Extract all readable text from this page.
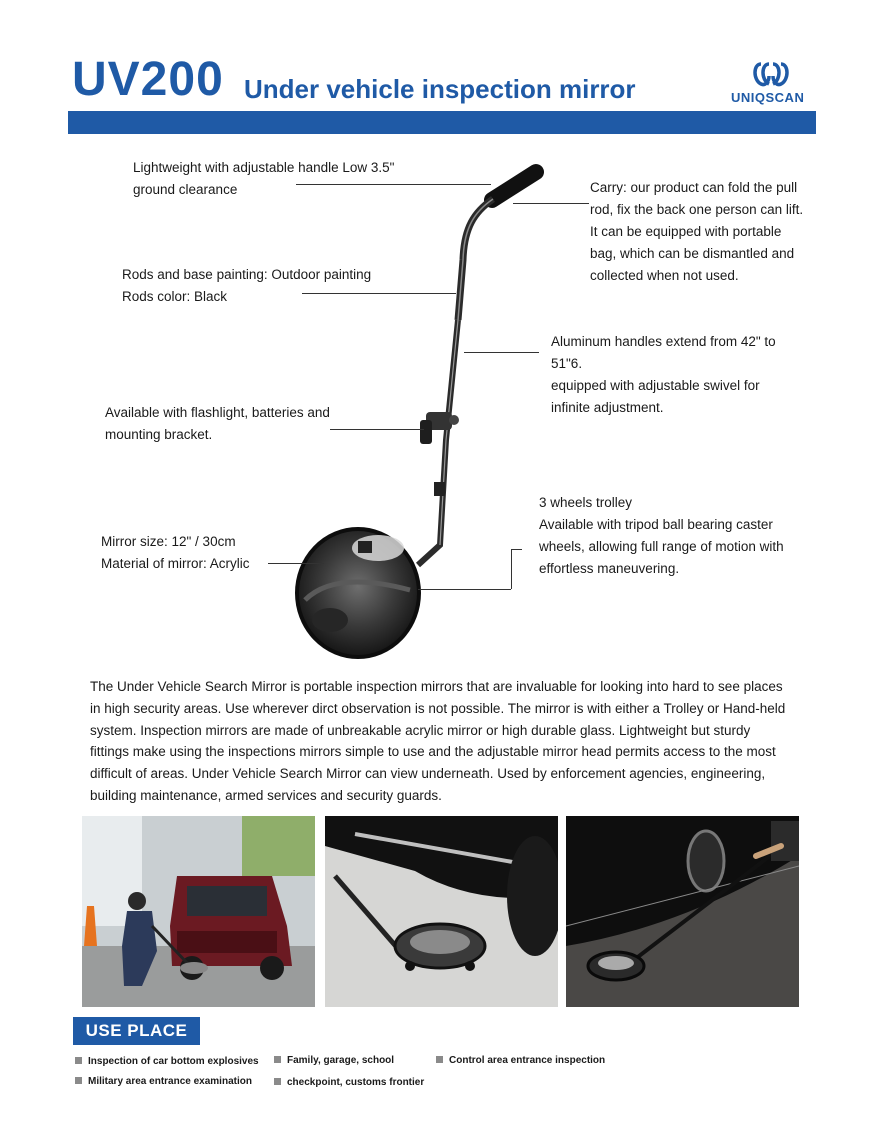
UV200 Under vehicle inspection mirror	UNIQSCAN
Lightweight with adjustable handle Low 3.5"
ground clearance	Carry: our product can fold the pull
rod, fix the back one person can lift.
It can be equipped with portable
bag, which can be dismantled and
collected when not used.
Rods and base painting: Outdoor painting
Rods color: Black
Aluminum handles extend from 42" to
51"6.
equipped with adjustable swivel for
infinite adjustment.
Available with flashlight, batteries and
mounting bracket.
3 wheels trolley
Available with tripod ball bearing caster
wheels, allowing full range of motion with
effortless maneuvering.
Mirror size: 12" / 30cm
Material of mirror: Acrylic
The Under Vehicle Search Mirror is portable inspection mirrors that are invaluable for looking into hard to see places in high security areas. Use wherever dirct observation is not possible. The mirror is with either a Trolley or Hand-held system. Inspection mirrors are made of unbreakable acrylic mirror or high durable glass. Lightweight but sturdy fittings make using the inspections mirrors simple to use and the adjustable mirror head permits access to the most difficult of areas. Under Vehicle Search Mirror can view underneath. Used by enforcement agencies, engineering, building maintenance, armed services and security guards.
USE PLACE
Inspection of car bottom explosives	Family, garage, school	Control area entrance inspection
Military area entrance examination	checkpoint, customs frontier
